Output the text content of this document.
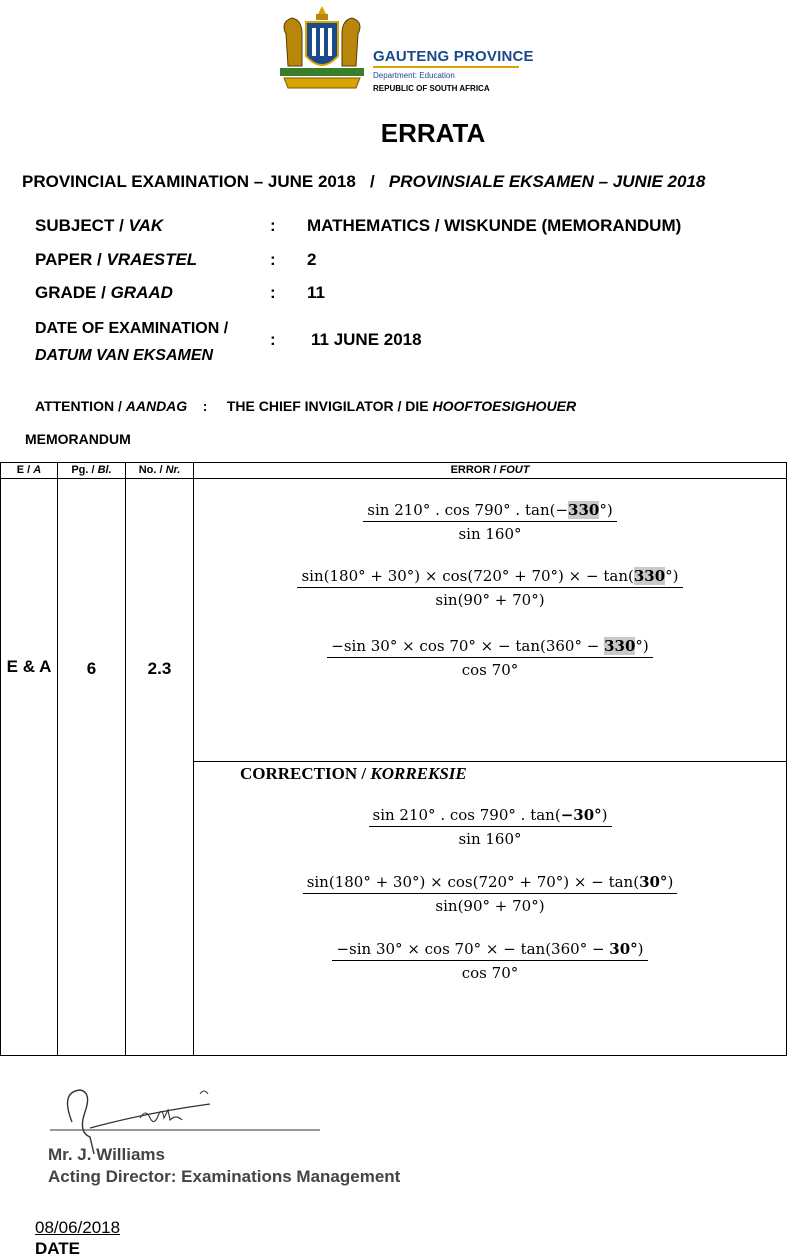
GAUTENG PROVINCE
Department: Education
REPUBLIC OF SOUTH AFRICA
ERRATA
PROVINCIAL EXAMINATION – JUNE 2018 / PROVINSIALE EKSAMEN – JUNIE 2018
SUBJECT / VAK	: MATHEMATICS / WISKUNDE (MEMORANDUM)
PAPER / VRAESTEL	: 2
GRADE / GRAAD	: 11
DATE OF EXAMINATION /
DATUM VAN EKSAMEN
: 11 JUNE 2018
ATTENTION / AANDAG : THE CHIEF INVIGILATOR / DIE HOOFTOESIGHOUER
MEMORANDUM
E / A	Pg. / Bl.	No. / Nr.	ERROR / FOUT
E & A	6	2.3
$\frac{\sin 210^\circ . \cos 790^\circ . \tan(-330^\circ)}{\sin 160^\circ}$
$\frac{\sin(180^\circ + 30^\circ) \times \cos(720^\circ + 70^\circ) \times - \tan(330^\circ)}{\sin(90^\circ + 70^\circ)}$
$\frac{-\sin 30^\circ \times \cos 70^\circ \times - \tan(360^\circ - 330^\circ)}{\cos 70^\circ}$
CORRECTION / KORREKSIE
$\frac{\sin 210^\circ . \cos 790^\circ . \tan(-30^\circ)}{\sin 160^\circ}$
$\frac{\sin(180^\circ + 30^\circ) \times \cos(720^\circ + 70^\circ) \times - \tan(30^\circ)}{\sin(90^\circ + 70^\circ)}$
$\frac{-\sin 30^\circ \times \cos 70^\circ \times - \tan(360^\circ - 30^\circ)}{\cos 70^\circ}$
Mr. J. Williams
Acting Director: Examinations Management
08/06/2018
DATE
